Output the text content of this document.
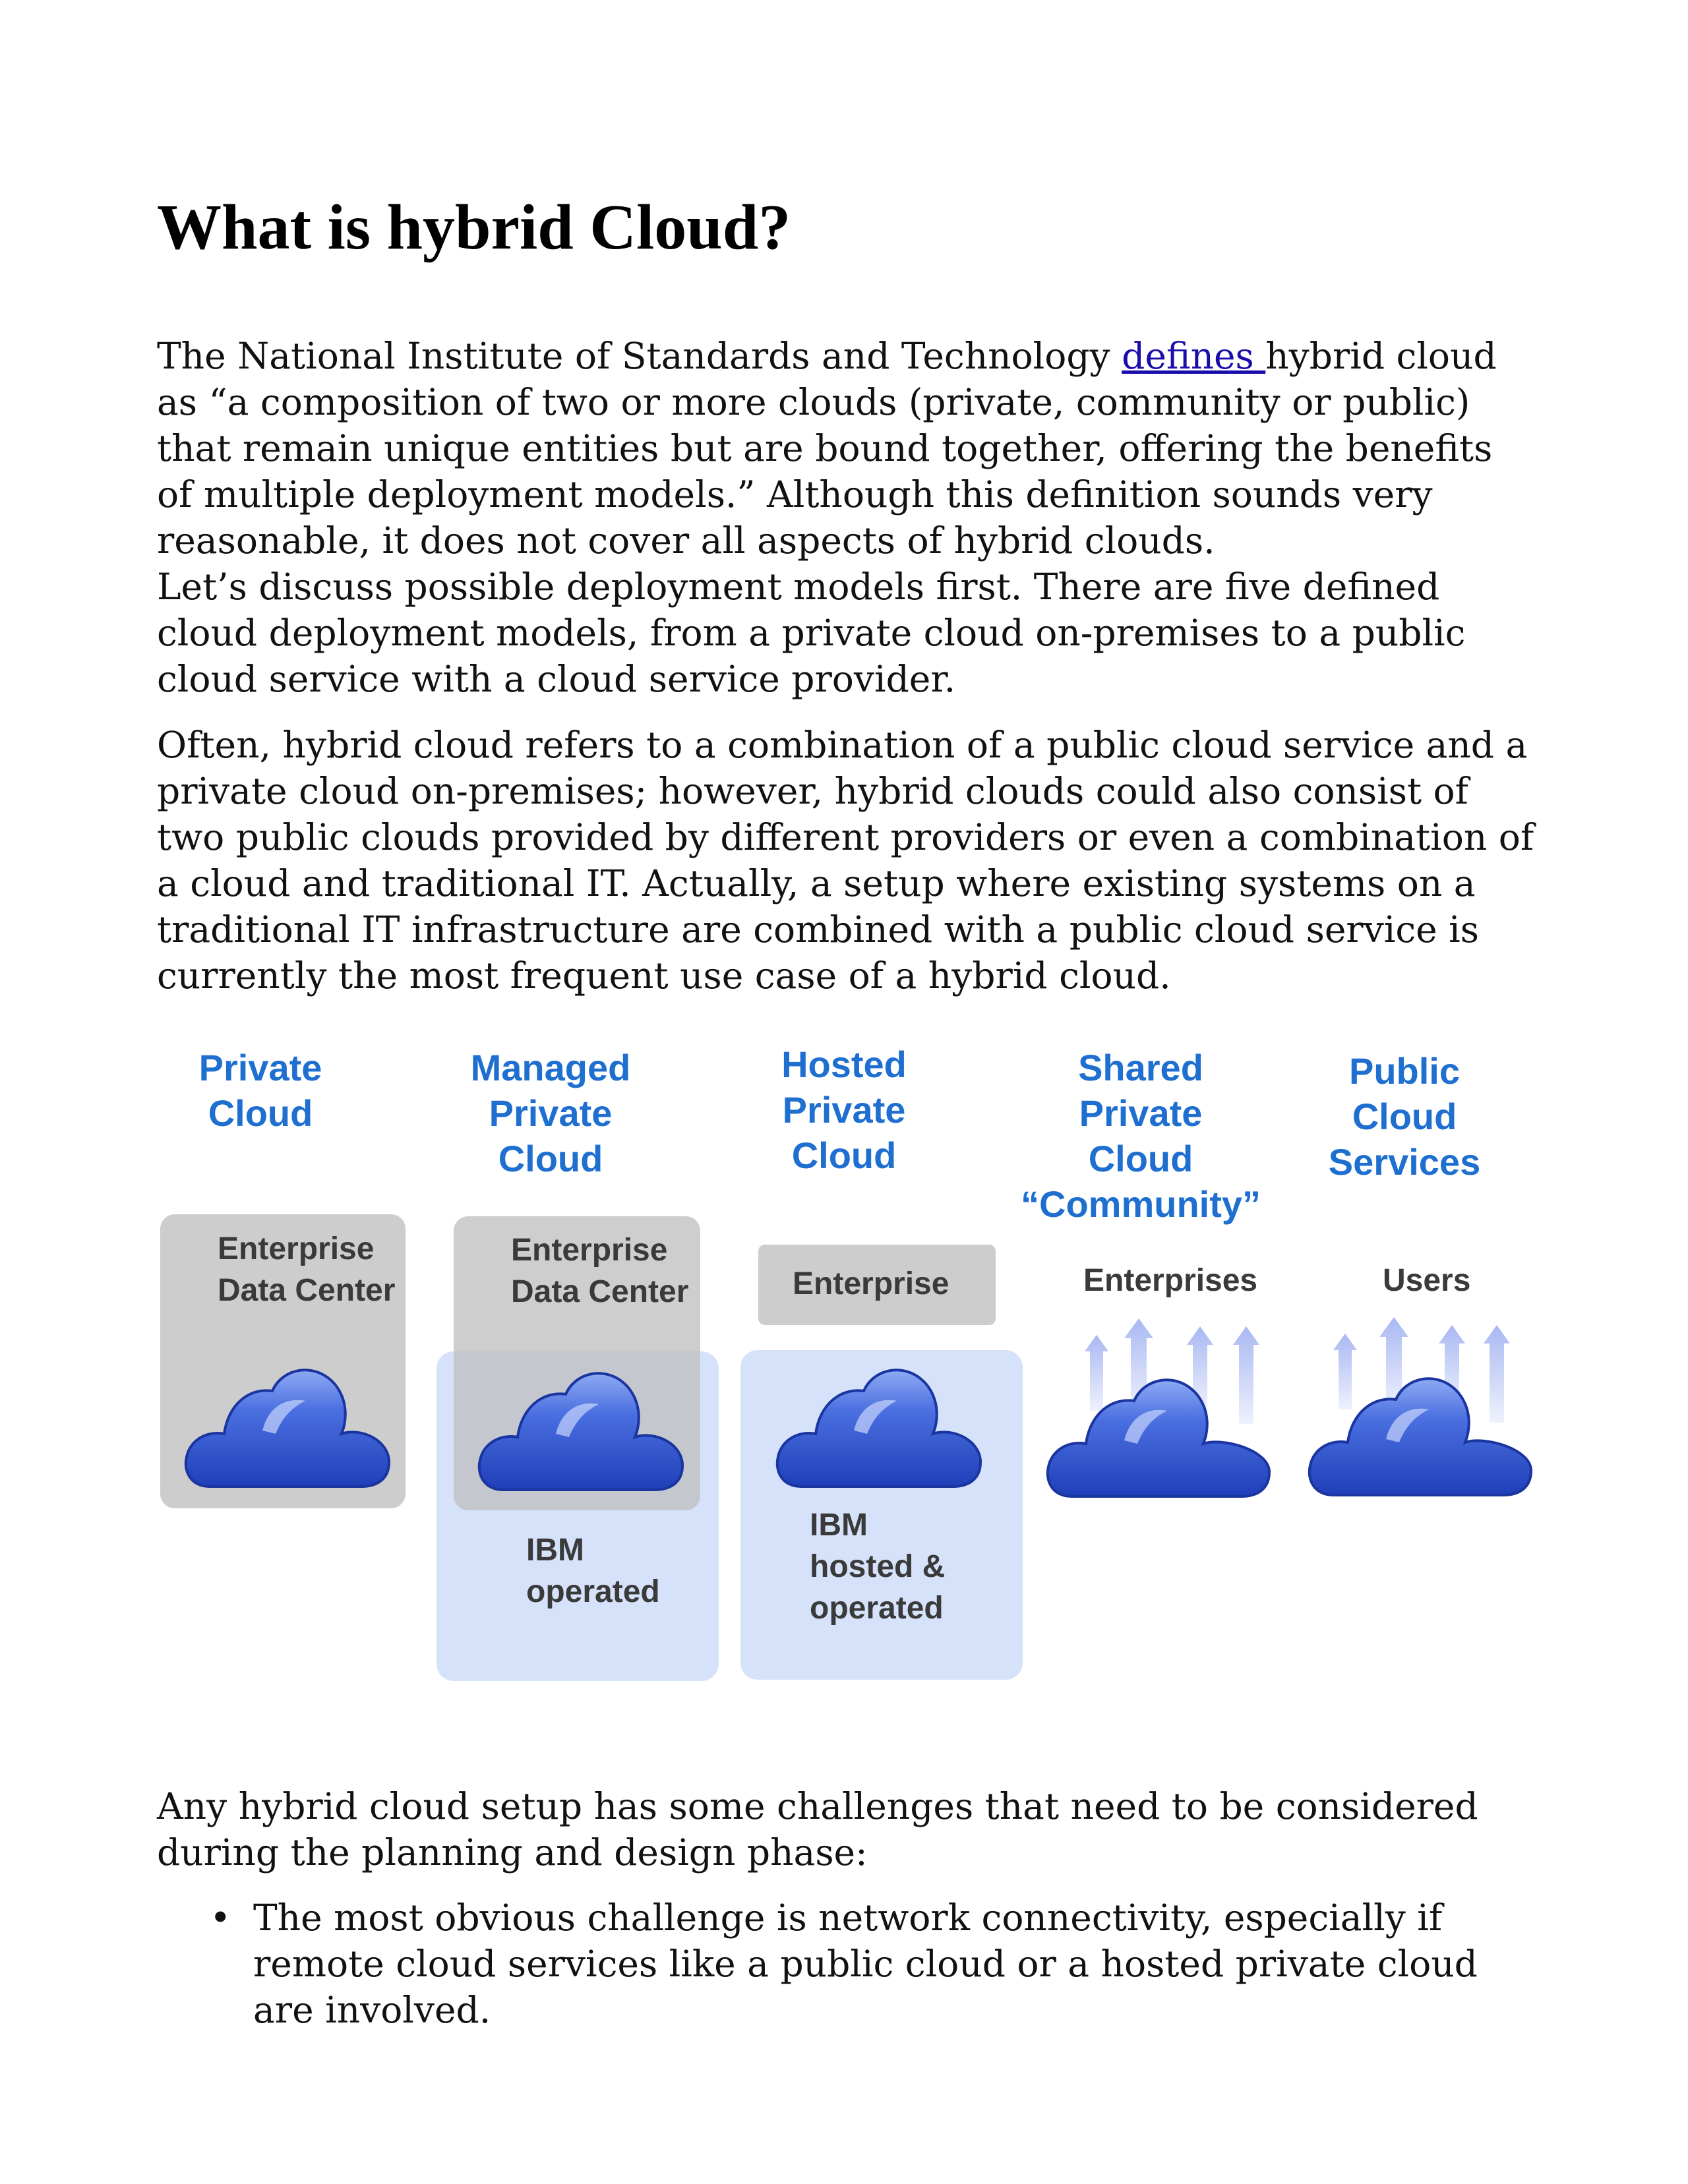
What is hybrid Cloud?

The National Institute of Standards and Technology defines hybrid cloud as “a composition of two or more clouds (private, community or public) that remain unique entities but are bound together, offering the benefits of multiple deployment models.” Although this definition sounds very reasonable, it does not cover all aspects of hybrid clouds.

Let’s discuss possible deployment models first. There are five defined cloud deployment models, from a private cloud on-premises to a public cloud service with a cloud service provider.

Often, hybrid cloud refers to a combination of a public cloud service and a private cloud on-premises; however, hybrid clouds could also consist of two public clouds provided by different providers or even a combination of a cloud and traditional IT. Actually, a setup where existing systems on a traditional IT infrastructure are combined with a public cloud service is currently the most frequent use case of a hybrid cloud.

Private
Cloud
Enterprise
Data Center
Managed
Private
Cloud
Enterprise
Data Center
IBM
operated
Hosted
Private
Cloud
Enterprise
IBM
hosted &
operated
Shared
Private
Cloud
“Community”
Enterprises
Public
Cloud
Services
Users

Any hybrid cloud setup has some challenges that need to be considered during the planning and design phase:

• The most obvious challenge is network connectivity, especially if remote cloud services like a public cloud or a hosted private cloud are involved.
